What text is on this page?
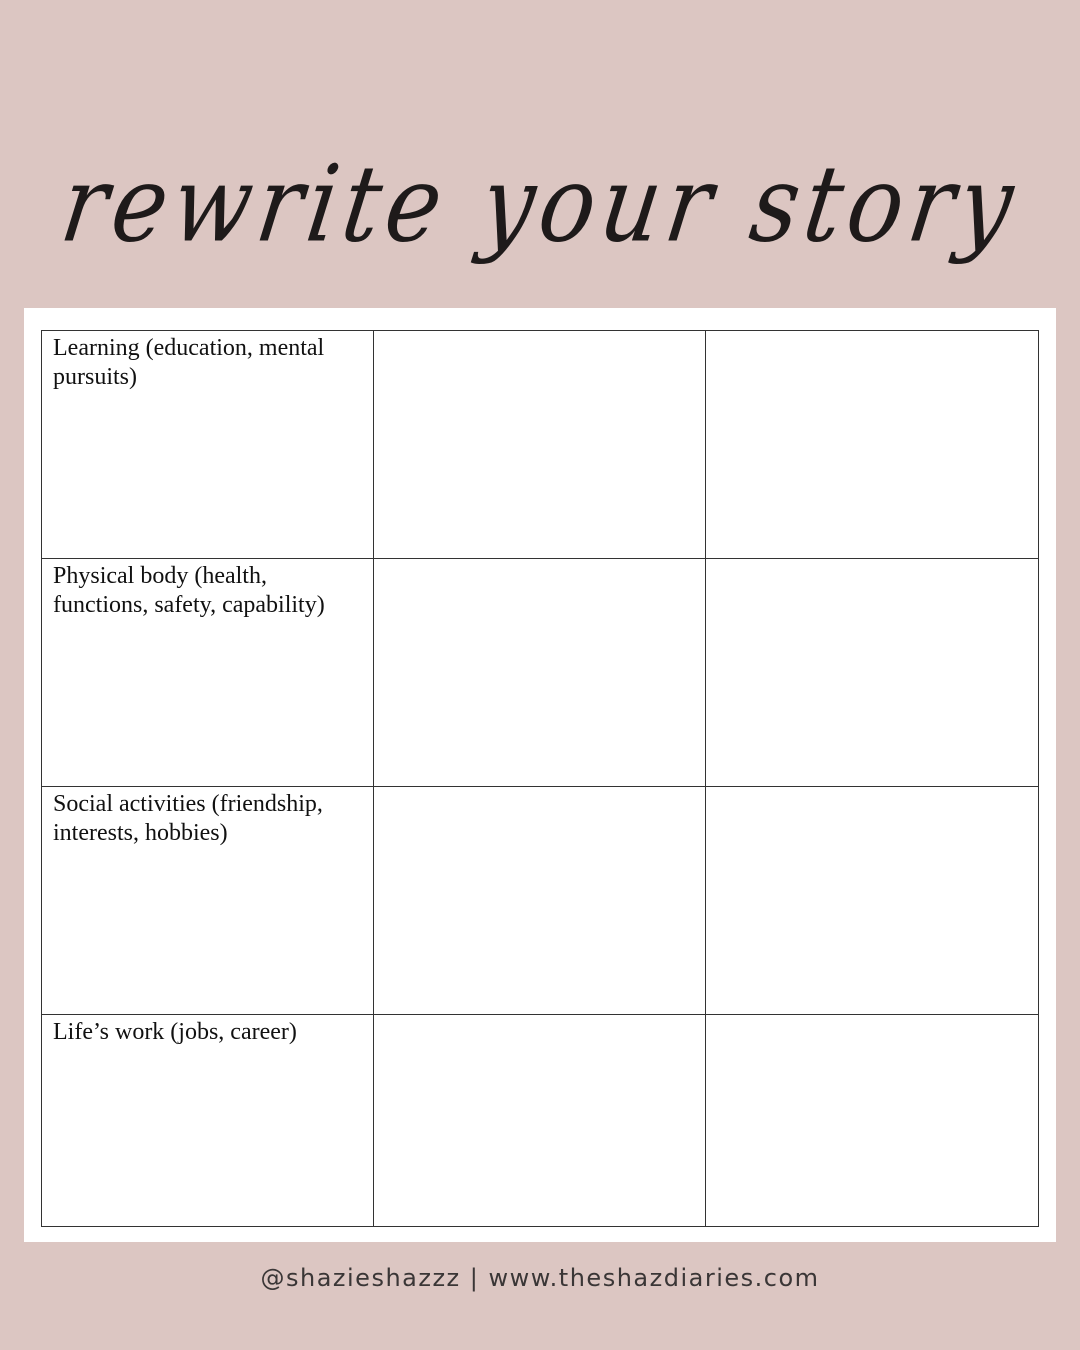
rewrite your story
Learning (education, mental pursuits)		

Physical body (health, functions, safety, capability)		

Social activities (friendship, interests, hobbies)		

Life’s work (jobs, career)		

@shazieshazzz | www.theshazdiaries.com
